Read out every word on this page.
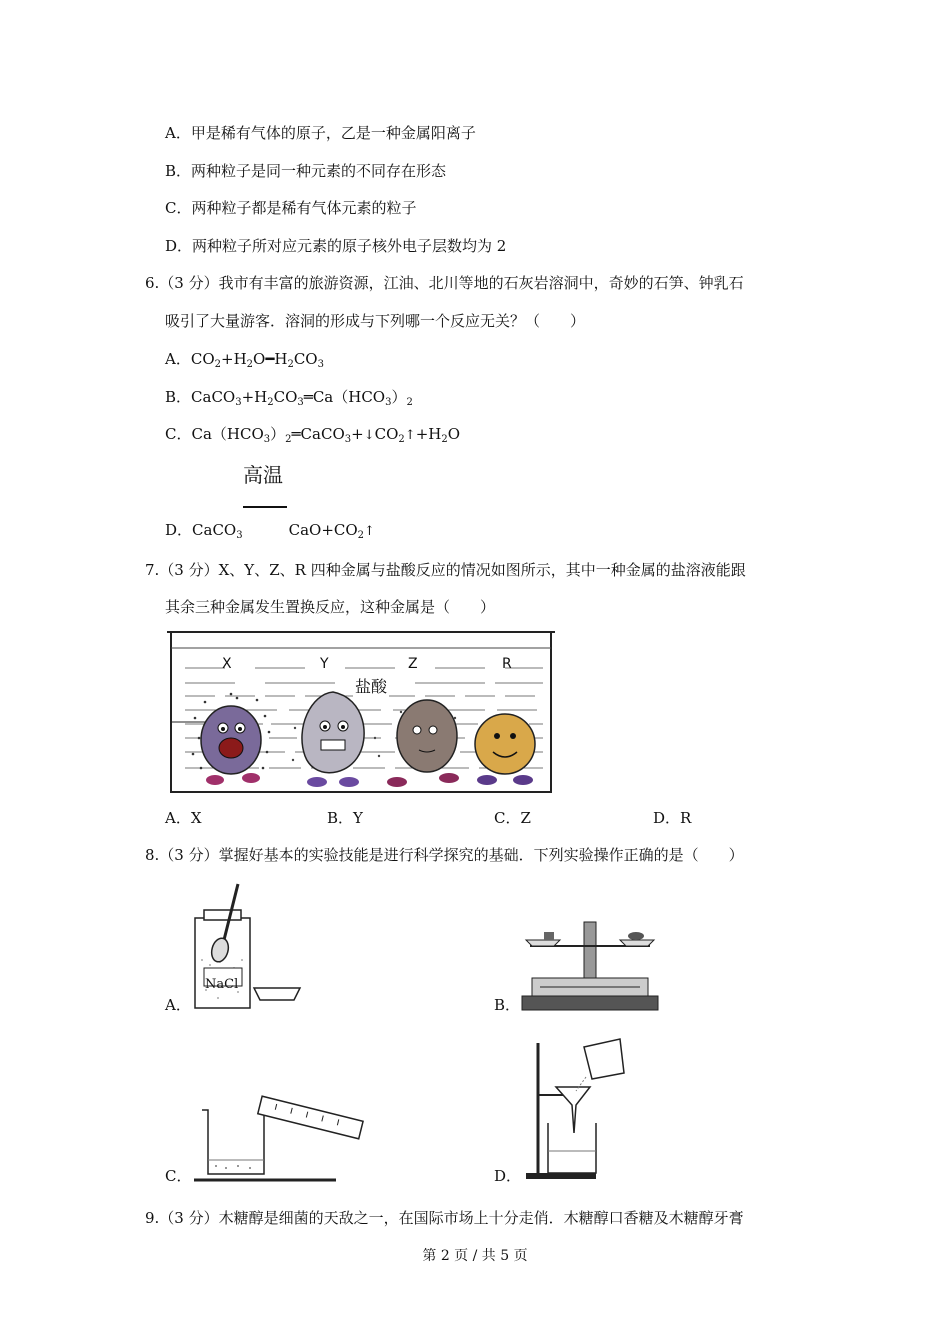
A．甲是稀有气体的原子，乙是一种金属阳离子
B．两种粒子是同一种元素的不同存在形态
C．两种粒子都是稀有气体元素的粒子
D．两种粒子所对应元素的原子核外电子层数均为 2
6.（3 分）我市有丰富的旅游资源，江油、北川等地的石灰岩溶洞中，奇妙的石笋、钟乳石
吸引了大量游客．溶洞的形成与下列哪一个反应无关？（　　）
A．$CO_2+H_2O━H_2CO_3$
B．$CaCO_3+H_2CO_3═Ca(HCO_3)_2$
C．$Ca(HCO_3)_2═CaCO_3+↓CO_2↑+H_2O$
高温
D．CaCO$_3$	$CaO+CO_2↑$
7.（3 分）X、Y、Z、R 四种金属与盐酸反应的情况如图所示，其中一种金属的盐溶液能跟
其余三种金属发生置换反应，这种金属是（　　）
X	Y	Z	R
盐酸
A．X	B．Y	C．Z	D．R
8.（3 分）掌握好基本的实验技能是进行科学探究的基础．下列实验操作正确的是（　　）
NaCl
A．	B．
C．	D．
9.（3 分）木糖醇是细菌的天敌之一，在国际市场上十分走俏．木糖醇口香糖及木糖醇牙膏
第 2 页 / 共 5 页
